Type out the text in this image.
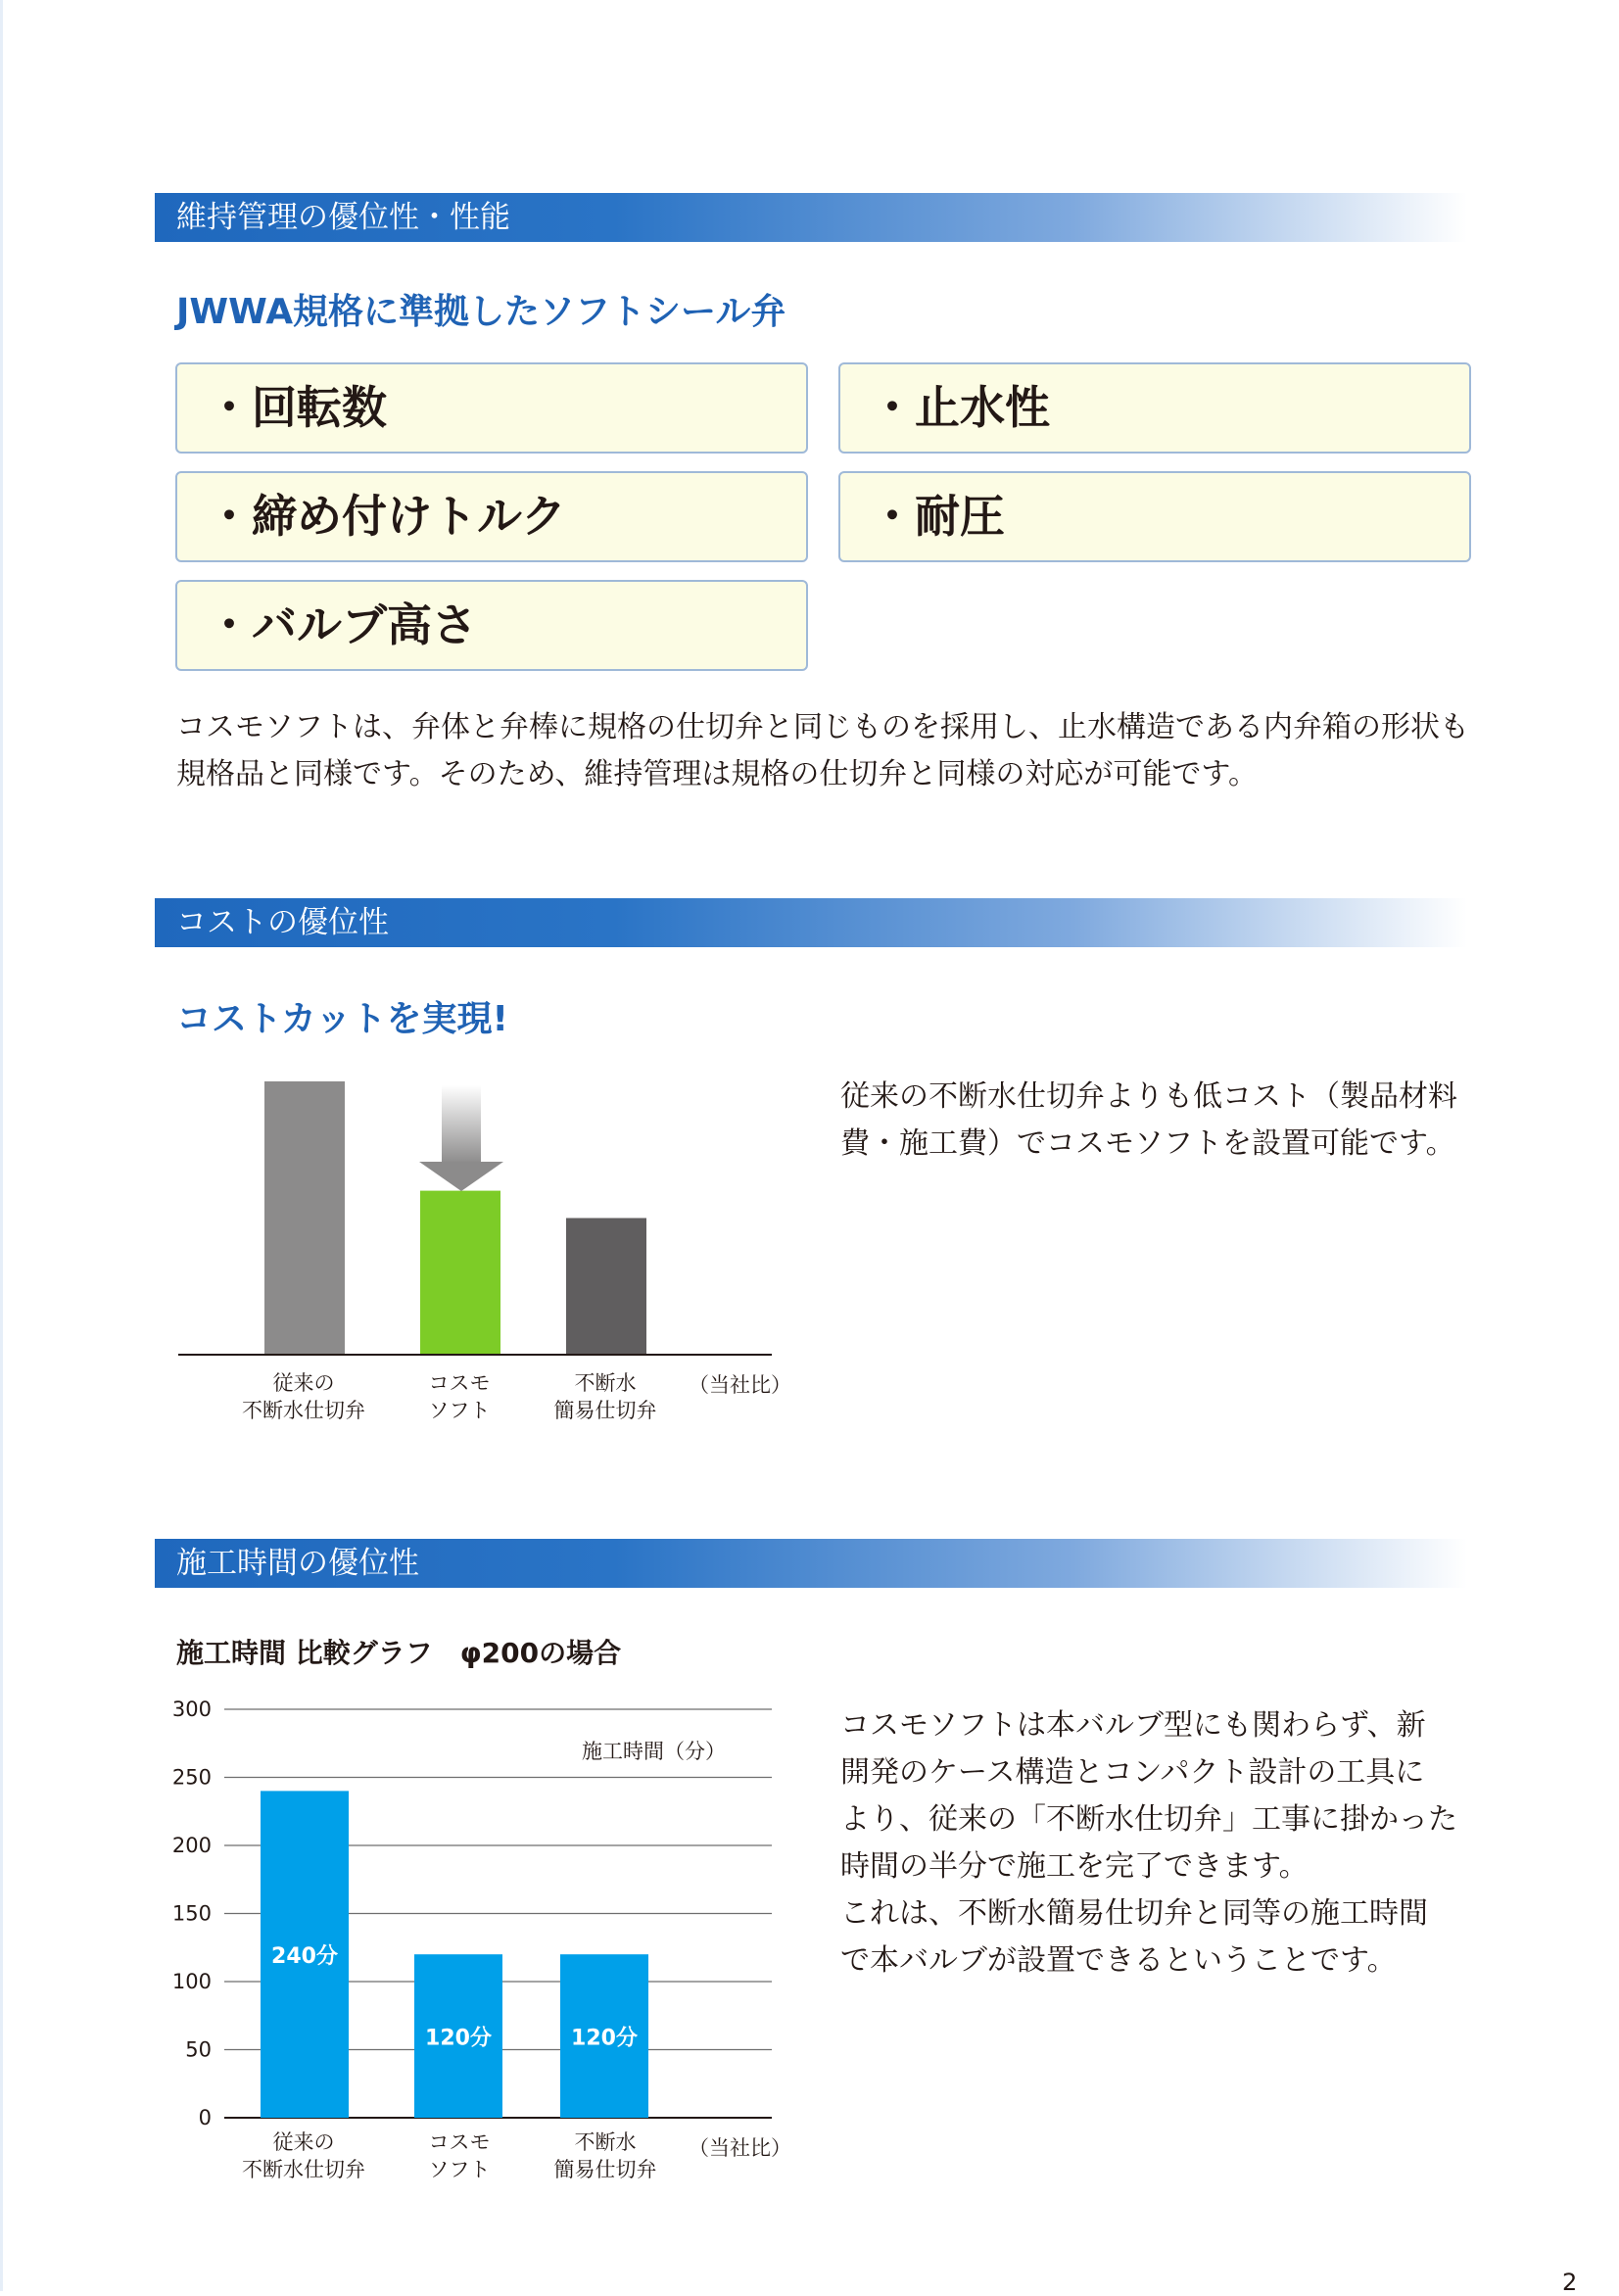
維持管理の優位性・性能
JWWA規格に準拠したソフトシール弁
・回転数	・止水性
・締め付けトルク	・耐圧
・バルブ高さ
コスモソフトは、弁体と弁棒に規格の仕切弁と同じものを採用し、止水構造である内弁箱の形状も
規格品と同様です。そのため、維持管理は規格の仕切弁と同様の対応が可能です。
コストの優位性
コストカットを実現!
従来の
不断水仕切弁
コスモ
ソフト
不断水
簡易仕切弁
（当社比）
従来の不断水仕切弁よりも低コスト（製品材料
費・施工費）でコスモソフトを設置可能です。
施工時間の優位性
施工時間 比較グラフ　φ200の場合
0
50
100
150
200
250
300
240分
120分	120分
施工時間（分）
従来の
不断水仕切弁
コスモ
ソフト
不断水
簡易仕切弁
（当社比）
コスモソフトは本バルブ型にも関わらず、新
開発のケース構造とコンパクト設計の工具に
より、従来の「不断水仕切弁」工事に掛かった
時間の半分で施工を完了できます。
これは、不断水簡易仕切弁と同等の施工時間
で本バルブが設置できるということです。
2
